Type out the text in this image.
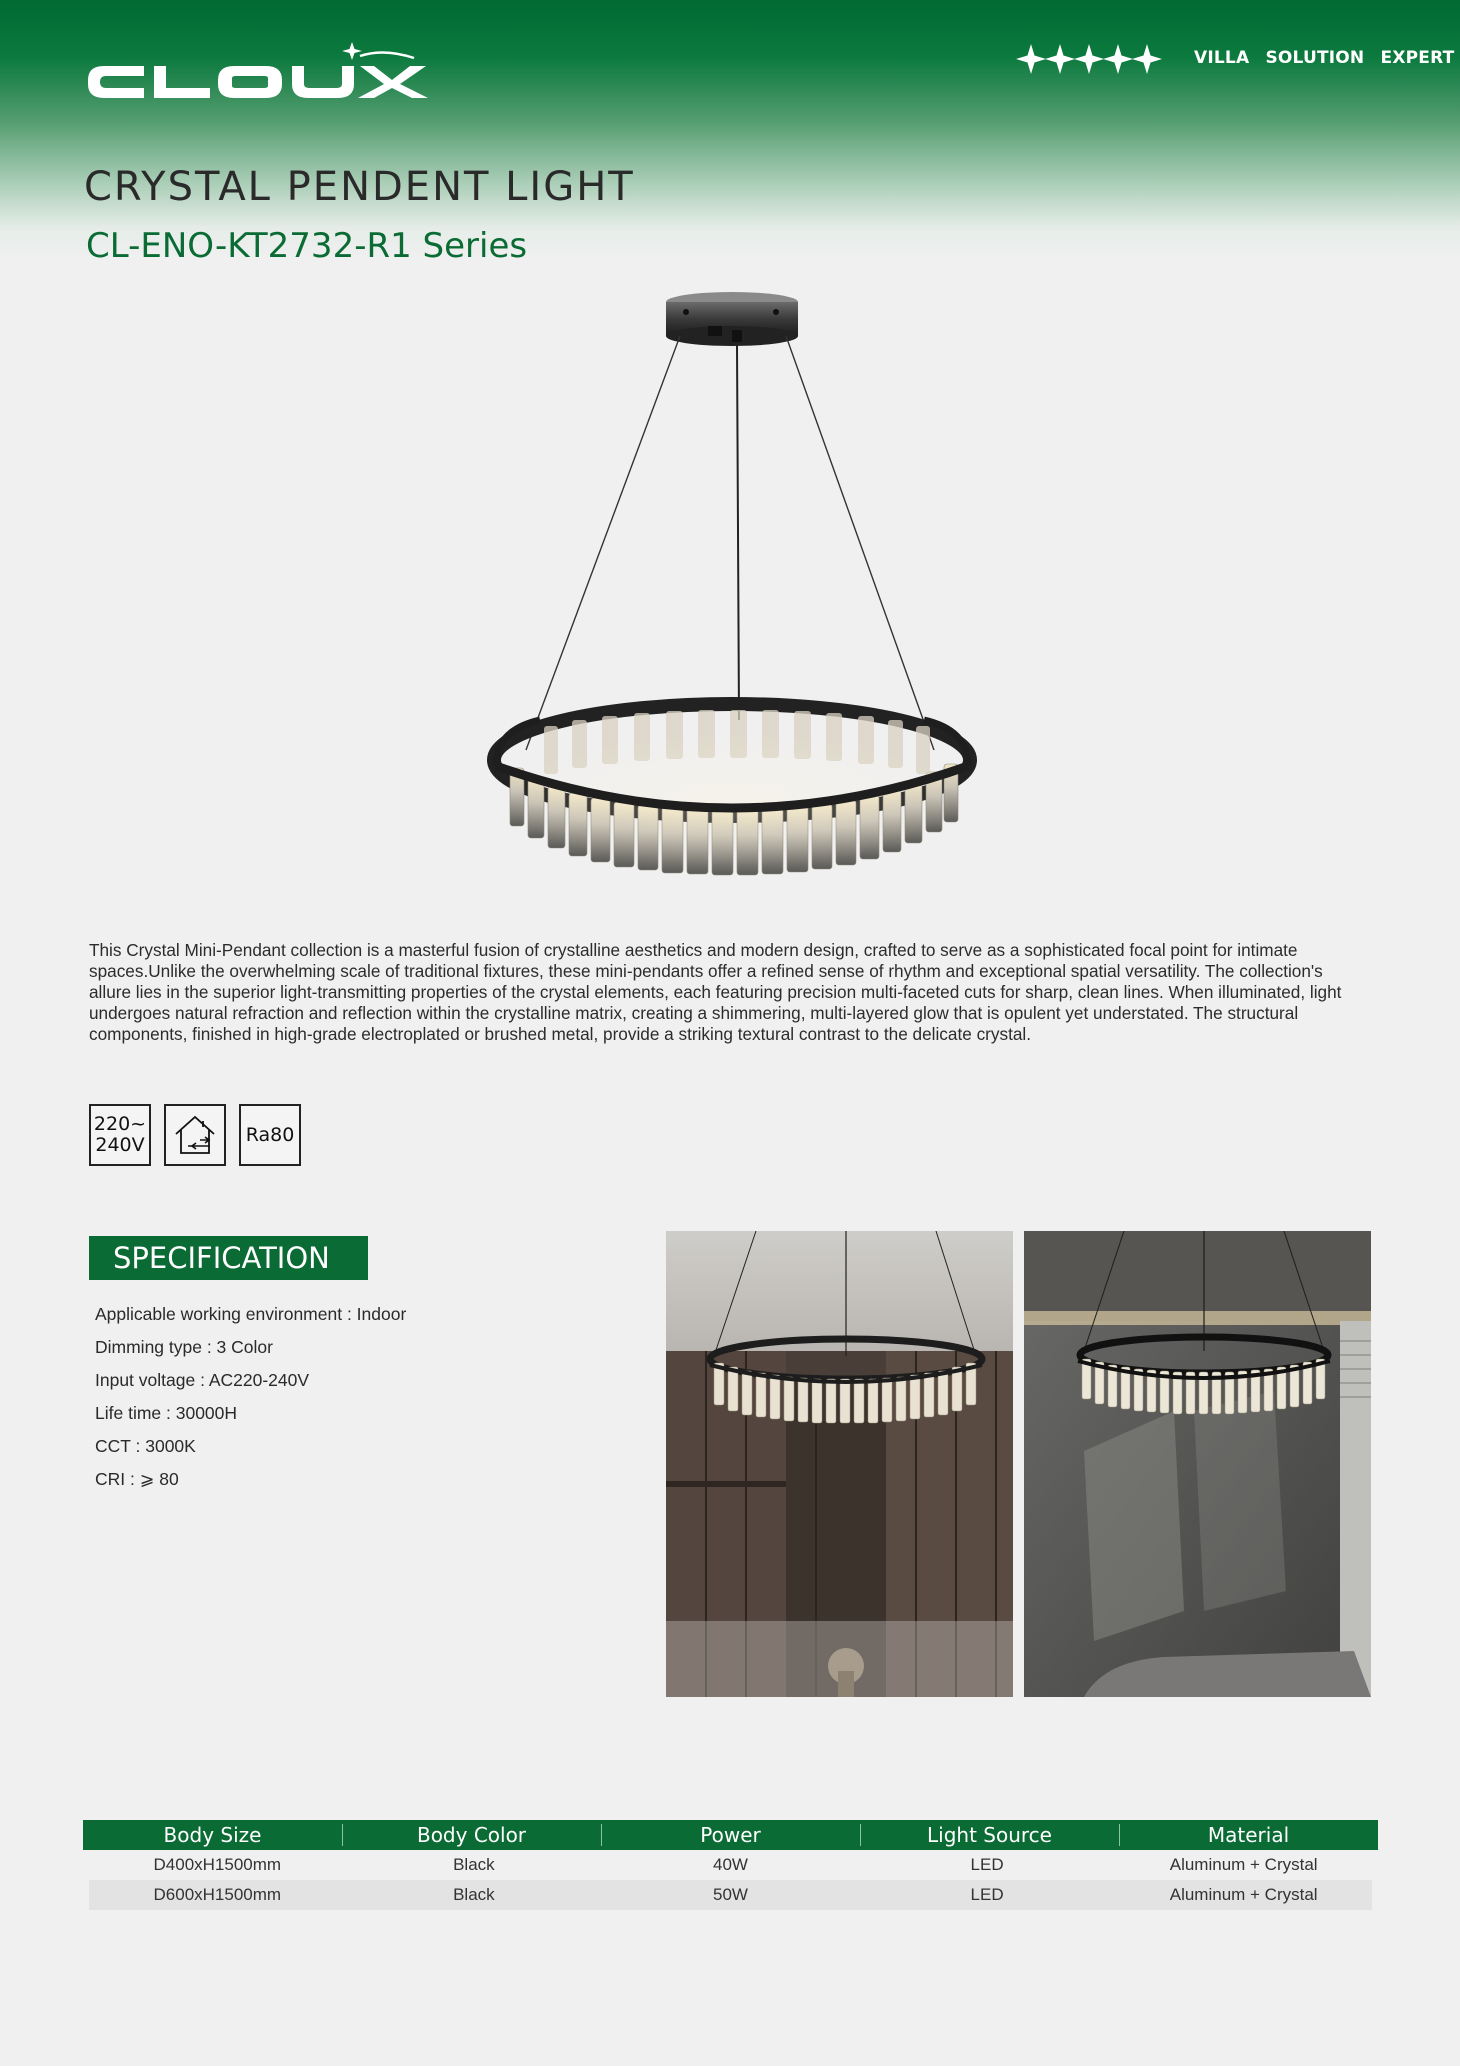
VILLA SOLUTION EXPERT
CRYSTAL PENDENT LIGHT
CL-ENO-KT2732-R1 Series
This Crystal Mini-Pendant collection is a masterful fusion of crystalline aesthetics and modern design, crafted to serve as a sophisticated focal point for intimate spaces.Unlike the overwhelming scale of traditional fixtures, these mini-pendants offer a refined sense of rhythm and exceptional spatial versatility. The collection's allure lies in the superior light-transmitting properties of the crystal elements, each featuring precision multi-faceted cuts for sharp, clean lines. When illuminated, light undergoes natural refraction and reflection within the crystalline matrix, creating a shimmering, multi-layered glow that is opulent yet understated. The structural components, finished in high-grade electroplated or brushed metal, provide a striking textural contrast to the delicate crystal.
220~
240V	Ra80
SPECIFICATION
Applicable working environment : Indoor
Dimming type : 3 Color
Input voltage : AC220-240V
Life time : 30000H
CCT : 3000K
CRI : ⩾ 80
Body Size	Body Color	Power	Light Source	Material
D400xH1500mm	Black	40W	LED	Aluminum + Crystal
D600xH1500mm	Black	50W	LED	Aluminum + Crystal
